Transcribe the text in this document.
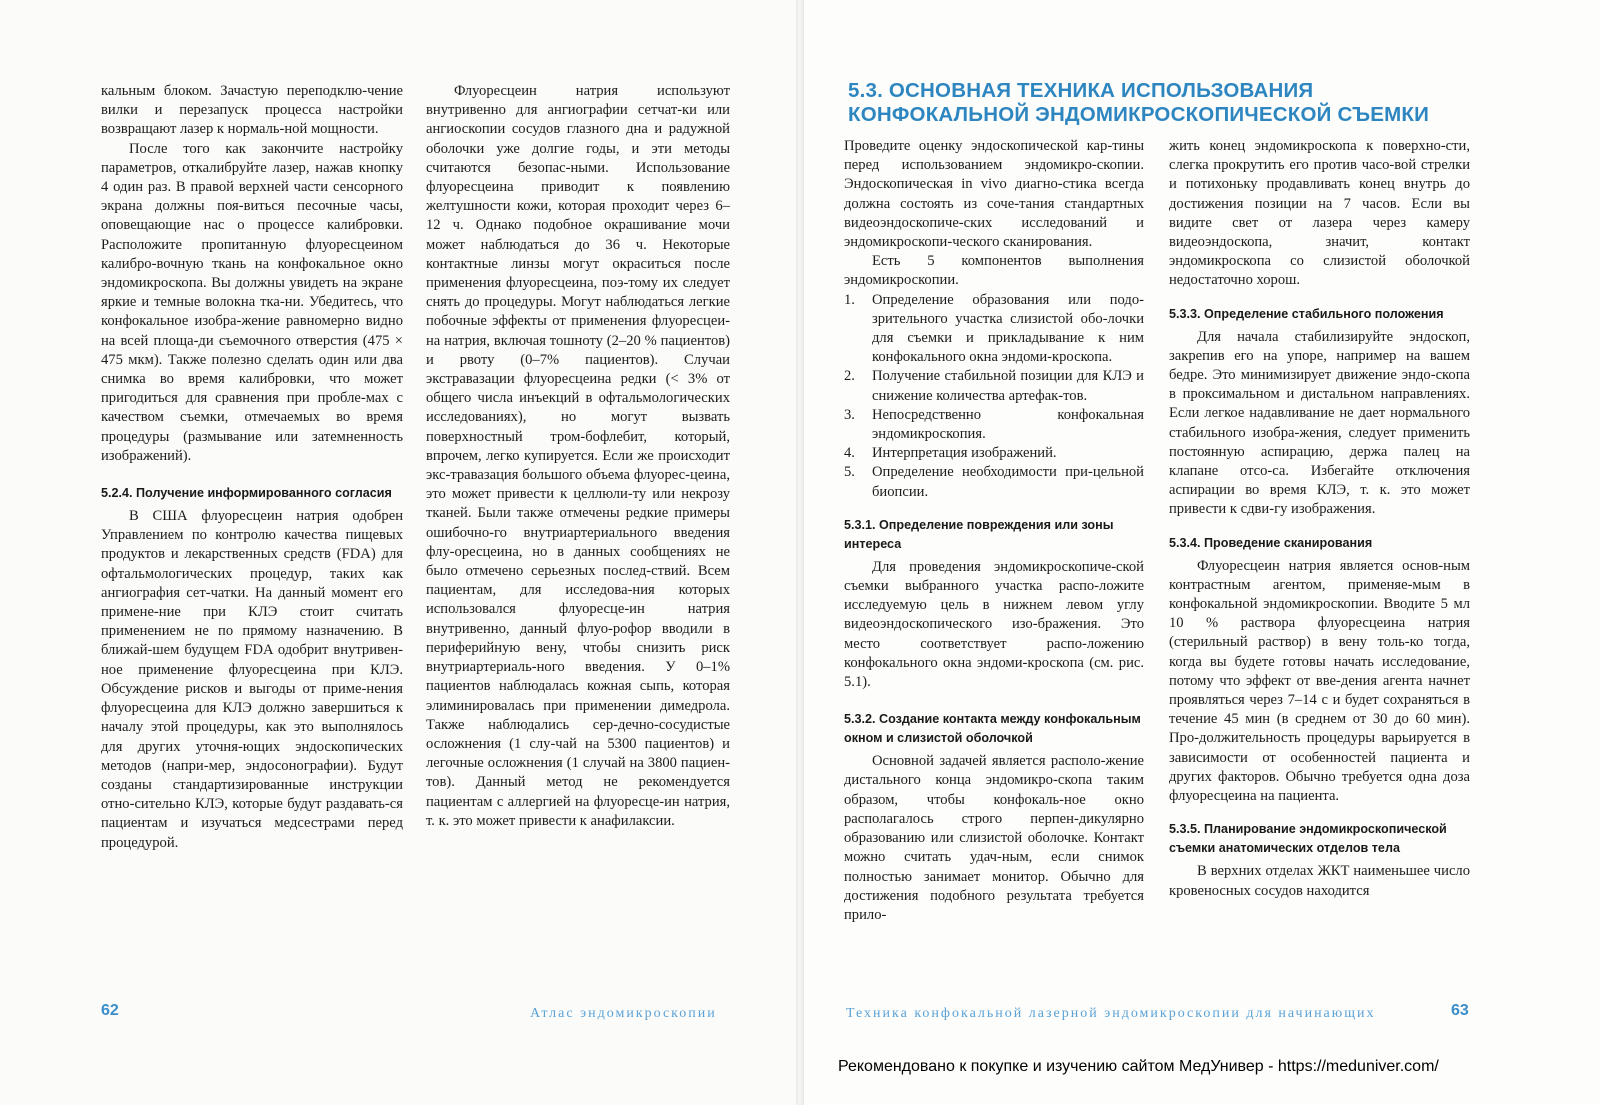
кальным блоком. Зачастую переподклю-чение вилки и перезапуск процесса настройки возвращают лазер к нормаль-ной мощности.

После того как закончите настройку параметров, откалибруйте лазер, нажав кнопку 4 один раз. В правой верхней части сенсорного экрана должны поя-виться песочные часы, оповещающие нас о процессе калибровки. Расположите пропитанную флуоресцеином калибро-вочную ткань на конфокальное окно эндомикроскопа. Вы должны увидеть на экране яркие и темные волокна тка-ни. Убедитесь, что конфокальное изобра-жение равномерно видно на всей площа-ди съемочного отверстия (475 × 475 мкм). Также полезно сделать один или два снимка во время калибровки, что может пригодиться для сравнения при пробле-мах с качеством съемки, отмечаемых во время процедуры (размывание или затемненность изображений).

5.2.4. Получение информированного согласия

В США флуоресцеин натрия одобрен Управлением по контролю качества пищевых продуктов и лекарственных средств (FDA) для офтальмологических процедур, таких как ангиография сет-чатки. На данный момент его примене-ние при КЛЭ стоит считать применением не по прямому назначению. В ближай-шем будущем FDA одобрит внутривен-ное применение флуоресцеина при КЛЭ. Обсуждение рисков и выгоды от приме-нения флуоресцеина для КЛЭ должно завершиться к началу этой процедуры, как это выполнялось для других уточня-ющих эндоскопических методов (напри-мер, эндосонографии). Будут созданы стандартизированные инструкции отно-сительно КЛЭ, которые будут раздавать-ся пациентам и изучаться медсестрами перед процедурой.

Флуоресцеин натрия используют внутривенно для ангиографии сетчат-ки или ангиоскопии сосудов глазного дна и радужной оболочки уже долгие годы, и эти методы считаются безопас-ными. Использование флуоресцеина приводит к появлению желтушности кожи, которая проходит через 6–12 ч. Однако подобное окрашивание мочи может наблюдаться до 36 ч. Некоторые контактные линзы могут окраситься после применения флуоресцеина, поэ-тому их следует снять до процедуры. Могут наблюдаться легкие побочные эффекты от применения флуоресцеи-на натрия, включая тошноту (2–20 % пациентов) и рвоту (0–7% пациентов). Случаи экстравазации флуоресцеина редки (< 3% от общего числа инъекций в офтальмологических исследованиях), но могут вызвать поверхностный тром-бофлебит, который, впрочем, легко купируется. Если же происходит экс-травазация большого объема флуорес-цеина, это может привести к целлюли-ту или некрозу тканей. Были также отмечены редкие примеры ошибочно-го внутриартериального введения флу-оресцеина, но в данных сообщениях не было отмечено серьезных послед-ствий. Всем пациентам, для исследова-ния которых использовался флуоресце-ин натрия внутривенно, данный флуо-рофор вводили в периферийную вену, чтобы снизить риск внутриартериаль-ного введения. У 0–1% пациентов наблюдалась кожная сыпь, которая элиминировалась при применении димедрола. Также наблюдались сер-дечно-сосудистые осложнения (1 слу-чай на 5300 пациентов) и легочные осложнения (1 случай на 3800 пациен-тов). Данный метод не рекомендуется пациентам с аллергией на флуоресце-ин натрия, т. к. это может привести к анафилаксии.

62	Атлас эндомикроскопии
5.3. ОСНОВНАЯ ТЕХНИКА ИСПОЛЬЗОВАНИЯ КОНФОКАЛЬНОЙ ЭНДОМИКРОСКОПИЧЕСКОЙ СЪЕМКИ

Проведите оценку эндоскопической кар-тины перед использованием эндомикро-скопии. Эндоскопическая in vivo диагно-стика всегда должна состоять из соче-тания стандартных видеоэндоскопиче-ских исследований и эндомикроскопи-ческого сканирования.

Есть 5 компонентов выполнения эндомикроскопии.

1. Определение образования или подо-зрительного участка слизистой обо-лочки для съемки и прикладывание к ним конфокального окна эндоми-кроскопа.
2. Получение стабильной позиции для КЛЭ и снижение количества артефак-тов.
3. Непосредственно конфокальная эндомикроскопия.
4. Интерпретация изображений.
5. Определение необходимости при-цельной биопсии.
5.3.1. Определение повреждения или зоны интереса

Для проведения эндомикроскопиче-ской съемки выбранного участка распо-ложите исследуемую цель в нижнем левом углу видеоэндоскопического изо-бражения. Это место соответствует распо-ложению конфокального окна эндоми-кроскопа (см. рис. 5.1).

5.3.2. Создание контакта между конфокальным окном и слизистой оболочкой

Основной задачей является располо-жение дистального конца эндомикро-скопа таким образом, чтобы конфокаль-ное окно располагалось строго перпен-дикулярно образованию или слизистой оболочке. Контакт можно считать удач-ным, если снимок полностью занимает монитор. Обычно для достижения подобного результата требуется прило-

жить конец эндомикроскопа к поверхно-сти, слегка прокрутить его против часо-вой стрелки и потихоньку продавливать конец внутрь до достижения позиции на 7 часов. Если вы видите свет от лазера через камеру видеоэндоскопа, значит, контакт эндомикроскопа со слизистой оболочкой недостаточно хорош.

5.3.3. Определение стабильного положения

Для начала стабилизируйте эндоскоп, закрепив его на упоре, например на вашем бедре. Это минимизирует движение эндо-скопа в проксимальном и дистальном направлениях. Если легкое надавливание не дает нормального стабильного изобра-жения, следует применить постоянную аспирацию, держа палец на клапане отсо-са. Избегайте отключения аспирации во время КЛЭ, т. к. это может привести к сдви-гу изображения.

5.3.4. Проведение сканирования

Флуоресцеин натрия является основ-ным контрастным агентом, применяе-мым в конфокальной эндомикроскопии. Вводите 5 мл 10 % раствора флуоресцеина натрия (стерильный раствор) в вену толь-ко тогда, когда вы будете готовы начать исследование, потому что эффект от вве-дения агента начнет проявляться через 7–14 с и будет сохраняться в течение 45 мин (в среднем от 30 до 60 мин). Про-должительность процедуры варьируется в зависимости от особенностей пациента и других факторов. Обычно требуется одна доза флуоресцеина на пациента.

5.3.5. Планирование эндомикроскопической съемки анатомических отделов тела

В верхних отделах ЖКТ наименьшее число кровеносных сосудов находится

Техника конфокальной лазерной эндомикроскопии для начинающих	63
Рекомендовано к покупке и изучению сайтом МедУнивер - https://meduniver.com/
